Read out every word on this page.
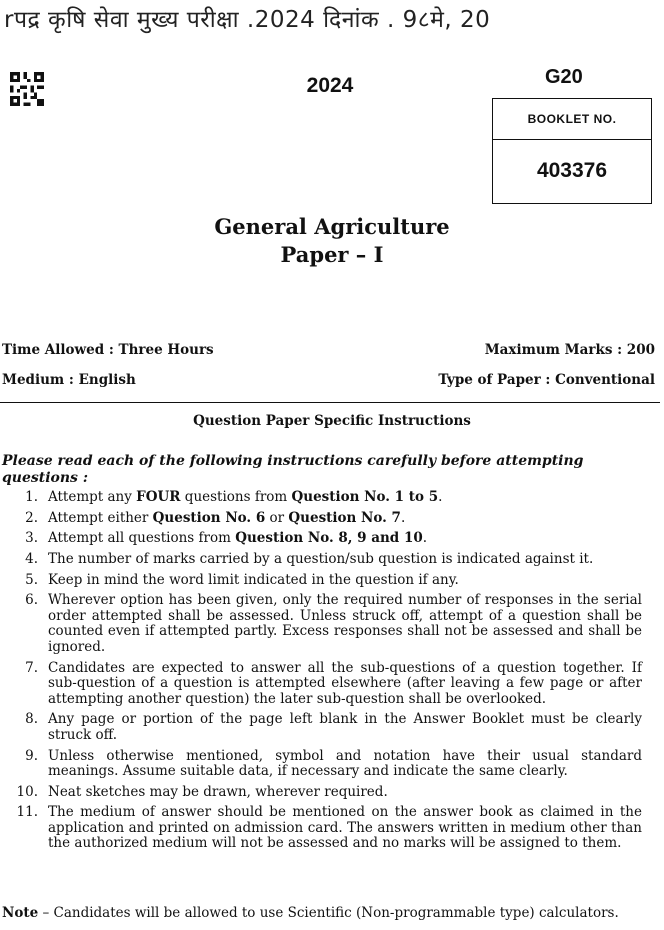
rपद्र कृषि सेवा मुख्य परीक्षा .2024 दिनांक . 9८मे, 20
2024	G20
BOOKLET NO.
403376
General Agriculture
Paper – I
Time Allowed : Three Hours	Maximum Marks : 200
Medium : English	Type of Paper : Conventional
Question Paper Specific Instructions
Please read each of the following instructions carefully before attempting questions :
1. Attempt any FOUR questions from Question No. 1 to 5.
2. Attempt either Question No. 6 or Question No. 7.
3. Attempt all questions from Question No. 8, 9 and 10.
4. The number of marks carried by a question/sub question is indicated against it.
5. Keep in mind the word limit indicated in the question if any.
6. Wherever option has been given, only the required number of responses in the serial order attempted shall be assessed. Unless struck off, attempt of a question shall be counted even if attempted partly. Excess responses shall not be assessed and shall be ignored.
7. Candidates are expected to answer all the sub-questions of a question together. If sub-question of a question is attempted elsewhere (after leaving a few page or after attempting another question) the later sub-question shall be overlooked.
8. Any page or portion of the page left blank in the Answer Booklet must be clearly struck off.
9. Unless otherwise mentioned, symbol and notation have their usual standard meanings. Assume suitable data, if necessary and indicate the same clearly.
10. Neat sketches may be drawn, wherever required.
11. The medium of answer should be mentioned on the answer book as claimed in the application and printed on admission card. The answers written in medium other than the authorized medium will not be assessed and no marks will be assigned to them.
Note – Candidates will be allowed to use Scientific (Non-programmable type) calculators.
